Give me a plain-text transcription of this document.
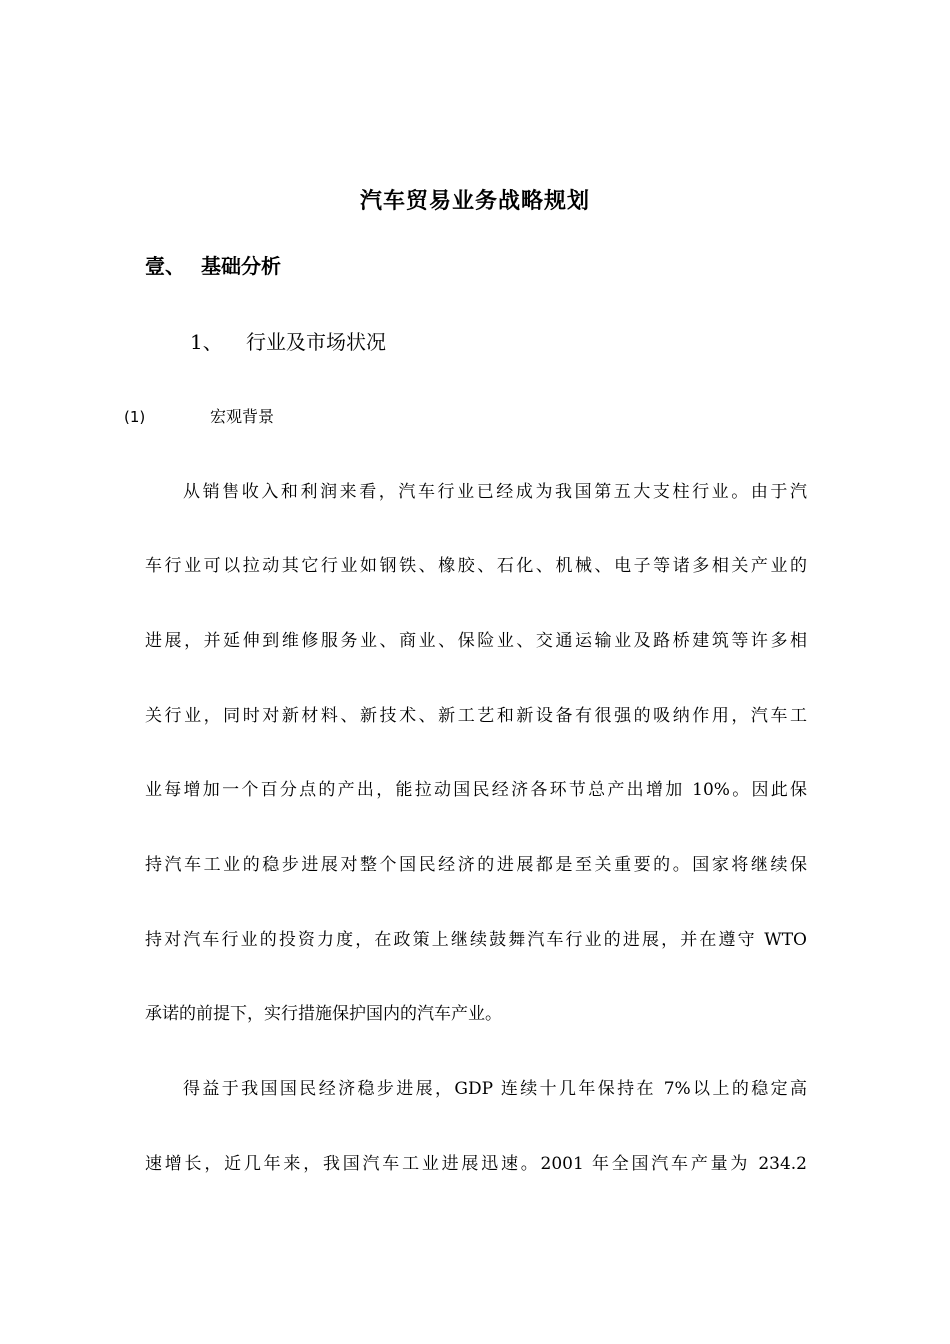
汽车贸易业务战略规划
壹、 基础分析
1、 行业及市场状况
(1)	宏观背景
从销售收入和利润来看，汽车行业已经成为我国第五大支柱行业。由于汽
车行业可以拉动其它行业如钢铁、橡胶、石化、机械、电子等诸多相关产业的
进展，并延伸到维修服务业、商业、保险业、交通运输业及路桥建筑等许多相
关行业，同时对新材料、新技术、新工艺和新设备有很强的吸纳作用，汽车工
业每增加一个百分点的产出，能拉动国民经济各环节总产出增加 10%。因此保
持汽车工业的稳步进展对整个国民经济的进展都是至关重要的。国家将继续保
持对汽车行业的投资力度，在政策上继续鼓舞汽车行业的进展，并在遵守 WTO
承诺的前提下，实行措施保护国内的汽车产业。
得益于我国国民经济稳步进展，GDP 连续十几年保持在 7%以上的稳定高
速增长，近几年来，我国汽车工业进展迅速。2001 年全国汽车产量为 234.2
